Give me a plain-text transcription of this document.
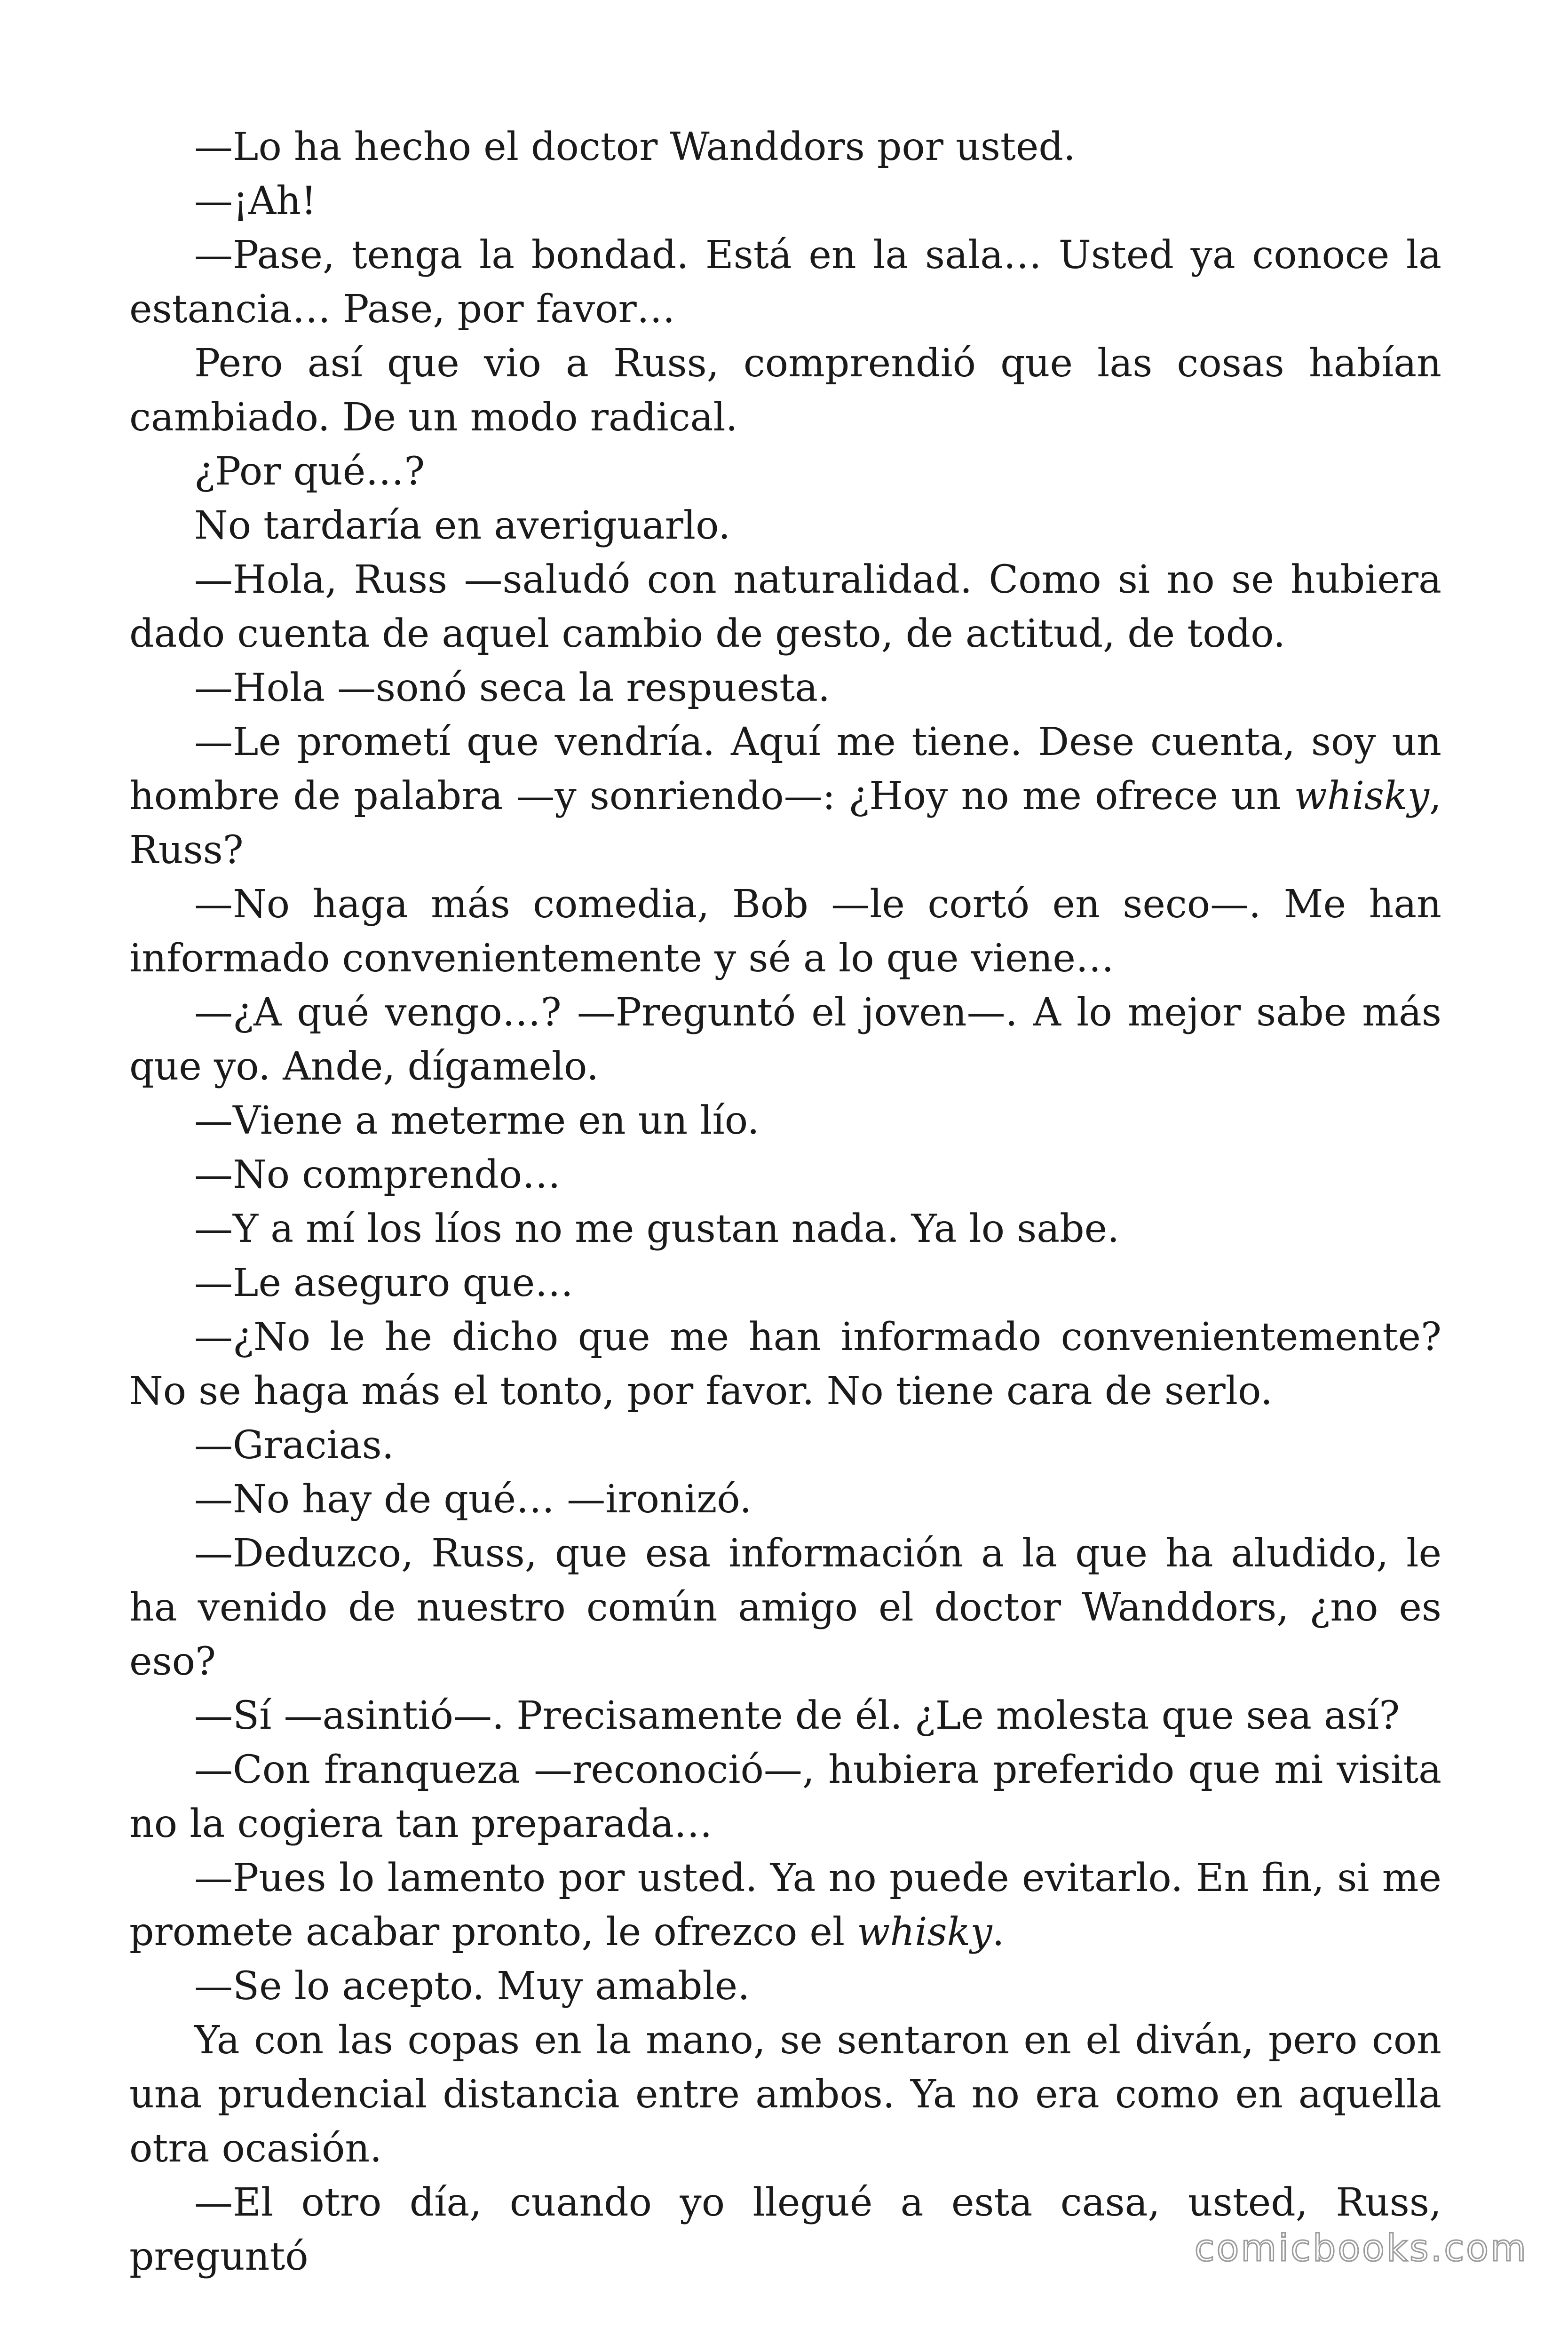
—Lo ha hecho el doctor Wanddors por usted.

—¡Ah!

—Pase, tenga la bondad. Está en la sala… Usted ya conoce la estancia… Pase, por favor…

Pero así que vio a Russ, comprendió que las cosas habían cambiado. De un modo radical.

¿Por qué…?

No tardaría en averiguarlo.

—Hola, Russ —saludó con naturalidad. Como si no se hubiera dado cuenta de aquel cambio de gesto, de actitud, de todo.

—Hola —sonó seca la respuesta.

—Le prometí que vendría. Aquí me tiene. Dese cuenta, soy un hombre de palabra —y sonriendo—: ¿Hoy no me ofrece un whisky, Russ?

—No haga más comedia, Bob —le cortó en seco—. Me han informado convenientemente y sé a lo que viene…

—¿A qué vengo…? —Preguntó el joven—. A lo mejor sabe más que yo. Ande, dígamelo.

—Viene a meterme en un lío.

—No comprendo…

—Y a mí los líos no me gustan nada. Ya lo sabe.

—Le aseguro que…

—¿No le he dicho que me han informado convenientemente? No se haga más el tonto, por favor. No tiene cara de serlo.

—Gracias.

—No hay de qué… —ironizó.

—Deduzco, Russ, que esa información a la que ha aludido, le ha venido de nuestro común amigo el doctor Wanddors, ¿no es eso?

—Sí —asintió—. Precisamente de él. ¿Le molesta que sea así?

—Con franqueza —reconoció—, hubiera preferido que mi visita no la cogiera tan preparada…

—Pues lo lamento por usted. Ya no puede evitarlo. En fin, si me promete acabar pronto, le ofrezco el whisky.

—Se lo acepto. Muy amable.

Ya con las copas en la mano, se sentaron en el diván, pero con una prudencial distancia entre ambos. Ya no era como en aquella otra ocasión.

—El otro día, cuando yo llegué a esta casa, usted, Russ, preguntó	comicbooks.com
